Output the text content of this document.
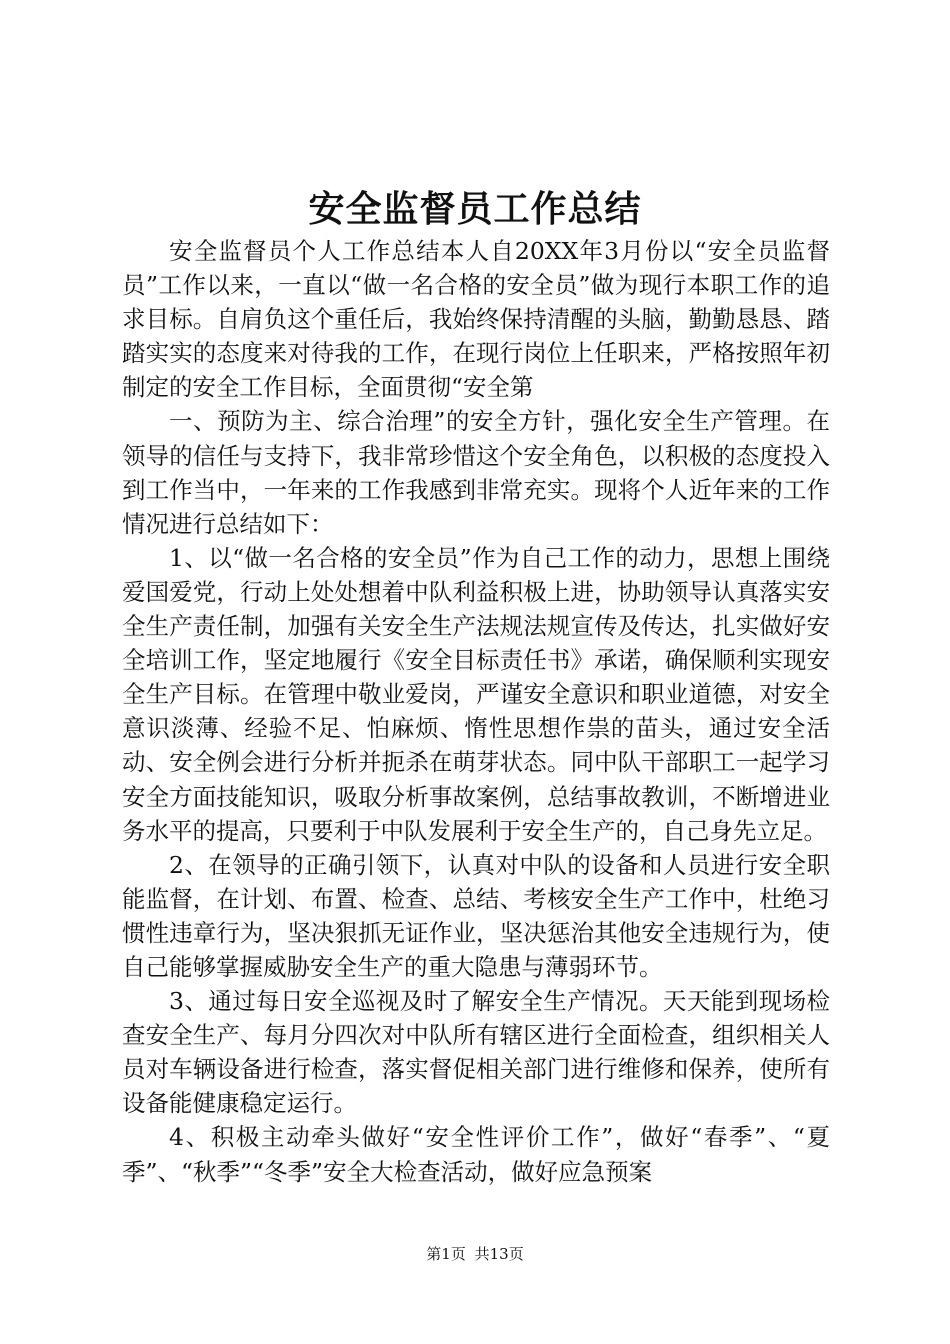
安全监督员工作总结

安全监督员个人工作总结本人自20XX年3月份以“安全员监督员”工作以来，一直以“做一名合格的安全员”做为现行本职工作的追求目标。自肩负这个重任后，我始终保持清醒的头脑，勤勤恳恳、踏踏实实的态度来对待我的工作，在现行岗位上任职来，严格按照年初制定的安全工作目标，全面贯彻“安全第

一、预防为主、综合治理”的安全方针，强化安全生产管理。在领导的信任与支持下，我非常珍惜这个安全角色，以积极的态度投入到工作当中，一年来的工作我感到非常充实。现将个人近年来的工作情况进行总结如下：

1、以“做一名合格的安全员”作为自己工作的动力，思想上围绕爱国爱党，行动上处处想着中队利益积极上进，协助领导认真落实安全生产责任制，加强有关安全生产法规法规宣传及传达，扎实做好安全培训工作，坚定地履行《安全目标责任书》承诺，确保顺利实现安全生产目标。在管理中敬业爱岗，严谨安全意识和职业道德，对安全意识淡薄、经验不足、怕麻烦、惰性思想作祟的苗头，通过安全活动、安全例会进行分析并扼杀在萌芽状态。同中队干部职工一起学习安全方面技能知识，吸取分析事故案例，总结事故教训，不断增进业务水平的提高，只要利于中队发展利于安全生产的，自己身先立足。

2、在领导的正确引领下，认真对中队的设备和人员进行安全职能监督，在计划、布置、检查、总结、考核安全生产工作中，杜绝习惯性违章行为，坚决狠抓无证作业，坚决惩治其他安全违规行为，使自己能够掌握威胁安全生产的重大隐患与薄弱环节。

3、通过每日安全巡视及时了解安全生产情况。天天能到现场检查安全生产、每月分四次对中队所有辖区进行全面检查，组织相关人员对车辆设备进行检查，落实督促相关部门进行维修和保养，使所有设备能健康稳定运行。

4、积极主动牵头做好“安全性评价工作”，做好“春季”、“夏季”、“秋季”“冬季”安全大检查活动，做好应急预案

第1页 共13页
